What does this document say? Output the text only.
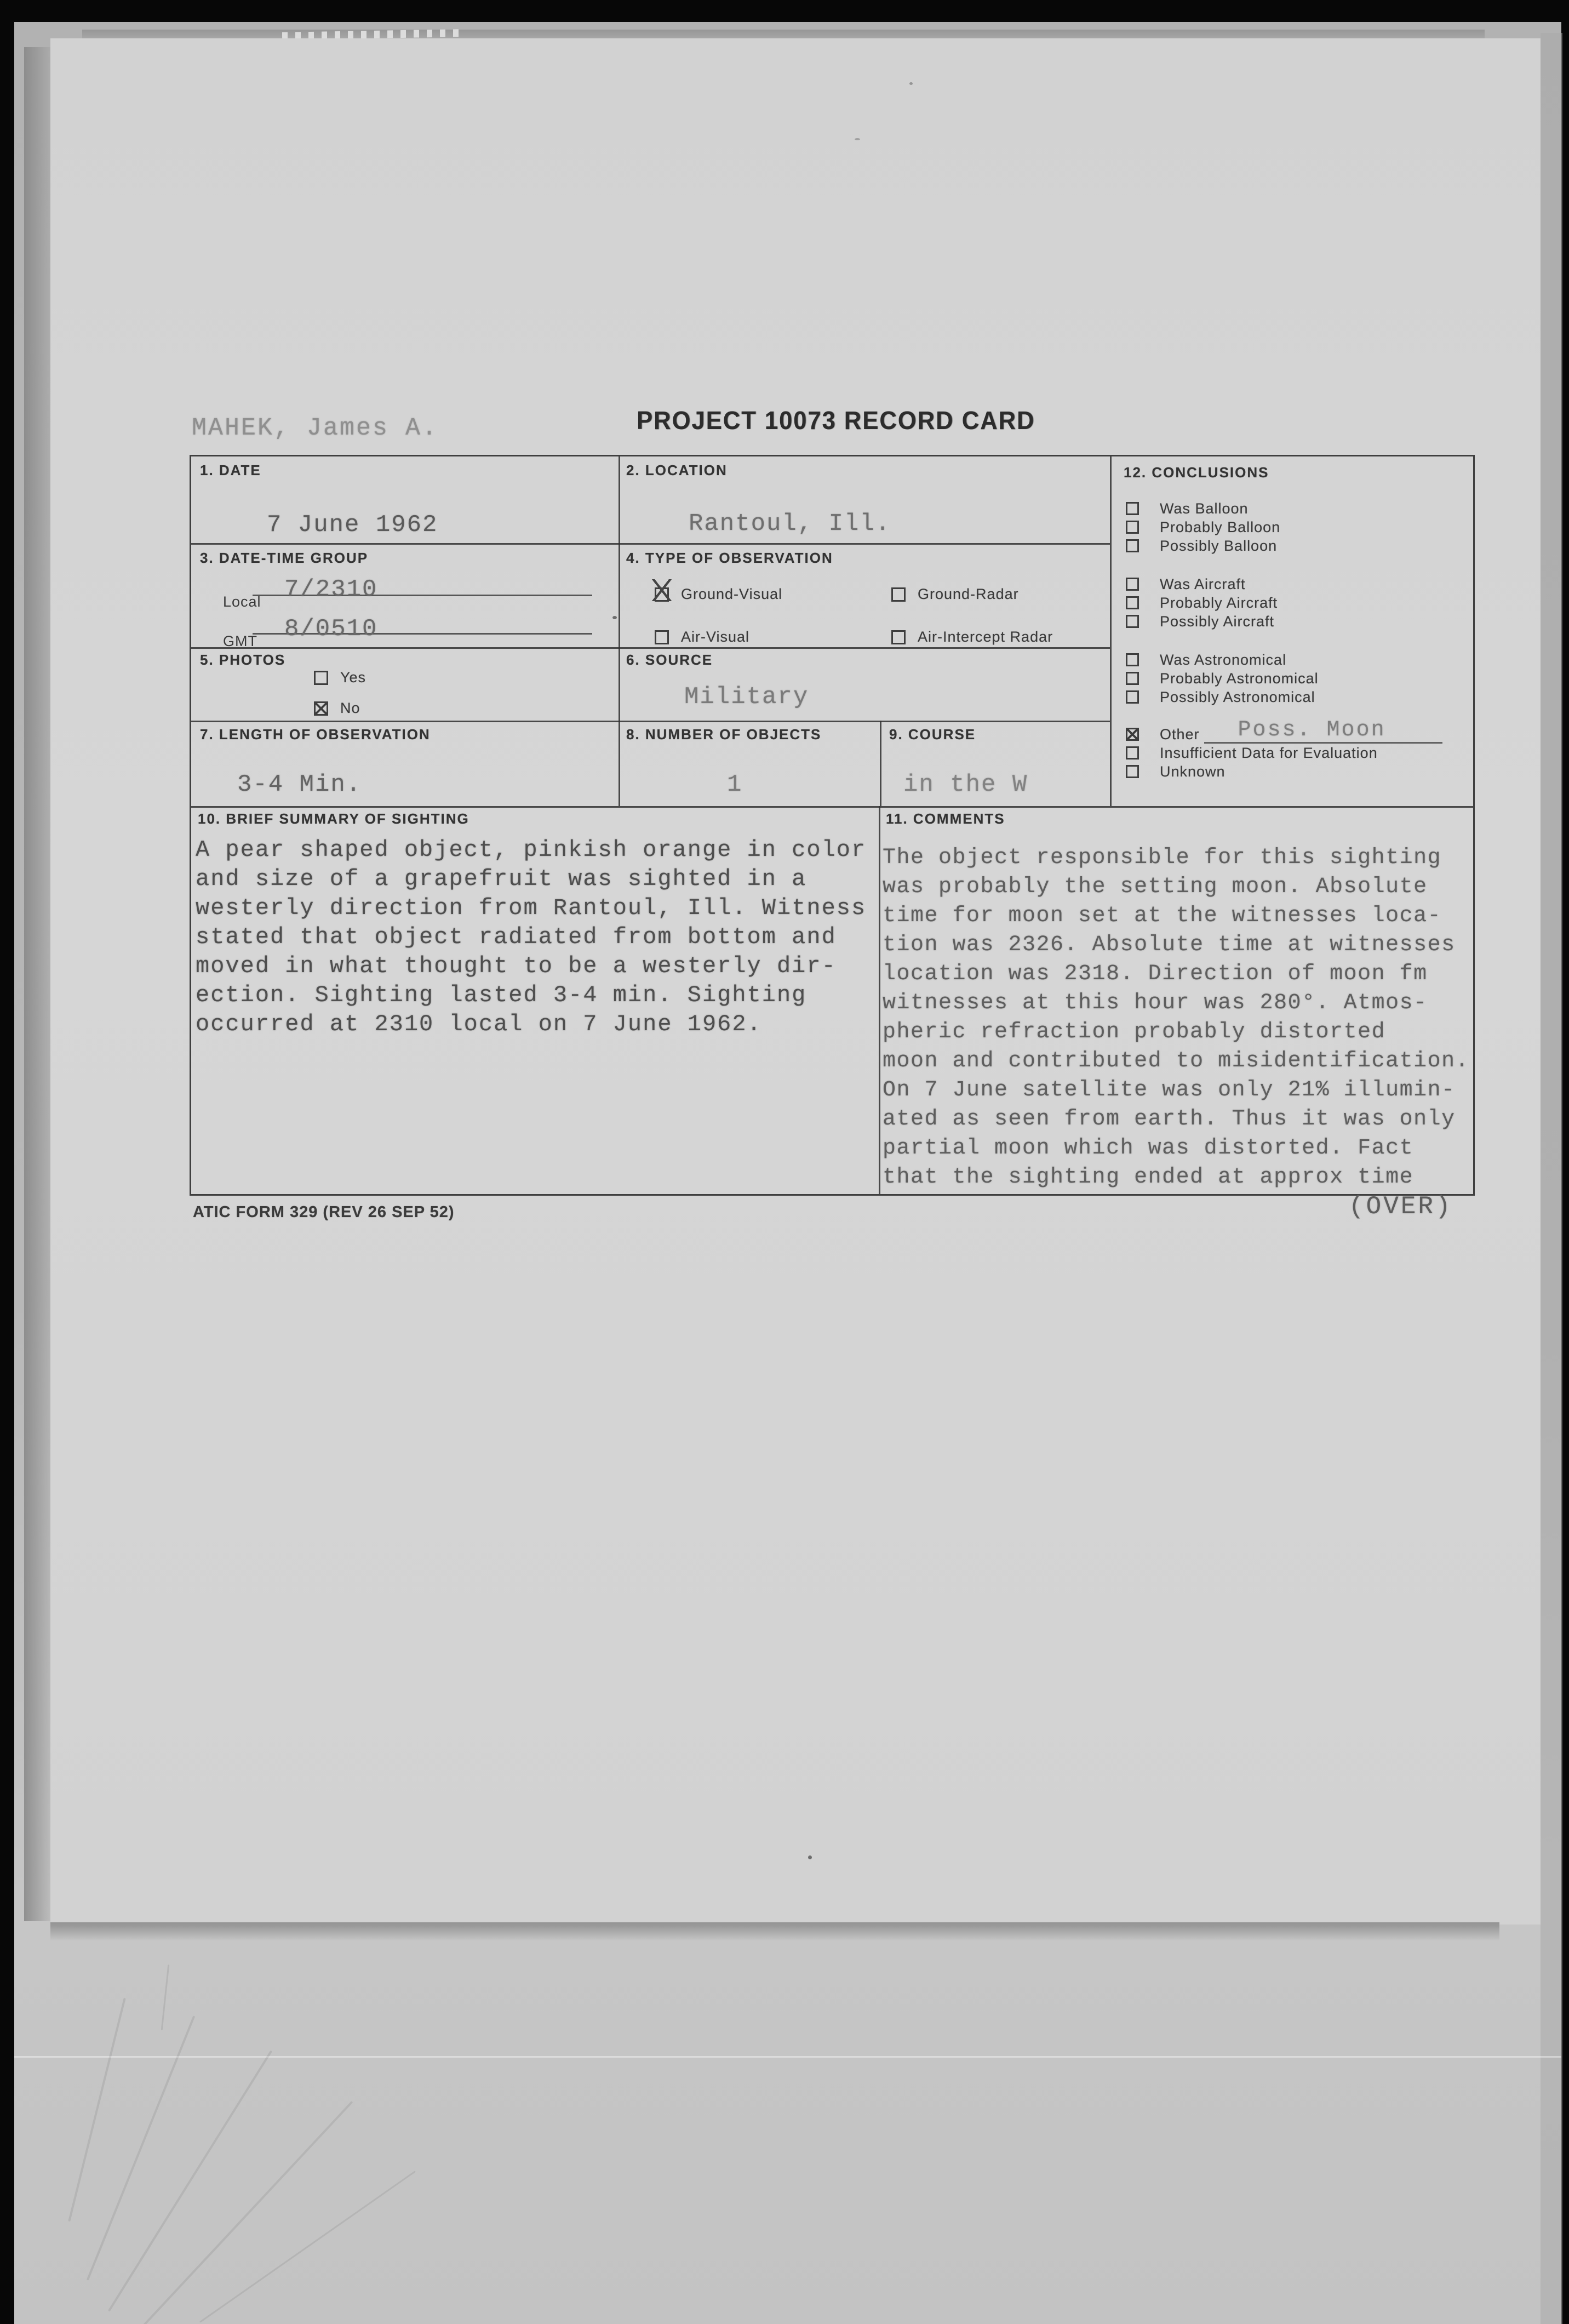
MAHEK, James A.	PROJECT 10073 RECORD CARD
1. DATE
7 June 1962
2. LOCATION
Rantoul, Ill.
3. DATE-TIME GROUP
Local 7/2310
GMT 8/0510
4. TYPE OF OBSERVATION
Ground-Visual	Ground-Radar
Air-Visual	Air-Intercept Radar
5. PHOTOS
Yes
No
6. SOURCE
Military
7. LENGTH OF OBSERVATION
3-4 Min.
8. NUMBER OF OBJECTS
1
9. COURSE
in the W
10. BRIEF SUMMARY OF SIGHTING
A pear shaped object, pinkish orange in color
and size of a grapefruit was sighted in a
westerly direction from Rantoul, Ill. Witness
stated that object radiated from bottom and
moved in what thought to be a westerly dir-
ection. Sighting lasted 3-4 min. Sighting
occurred at 2310 local on 7 June 1962.
11. COMMENTS
The object responsible for this sighting
was probably the setting moon. Absolute
time for moon set at the witnesses loca-
tion was 2326. Absolute time at witnesses
location was 2318. Direction of moon fm
witnesses at this hour was 280°. Atmos-
pheric refraction probably distorted
moon and contributed to misidentification.
On 7 June satellite was only 21% illumin-
ated as seen from earth. Thus it was only
partial moon which was distorted. Fact
that the sighting ended at approx time
12. CONCLUSIONS
Was Balloon
Probably Balloon
Possibly Balloon
Was Aircraft
Probably Aircraft
Possibly Aircraft
Was Astronomical
Probably Astronomical
Possibly Astronomical
Other Poss. Moon
Insufficient Data for Evaluation
Unknown
ATIC FORM 329 (REV 26 SEP 52)	(OVER)
